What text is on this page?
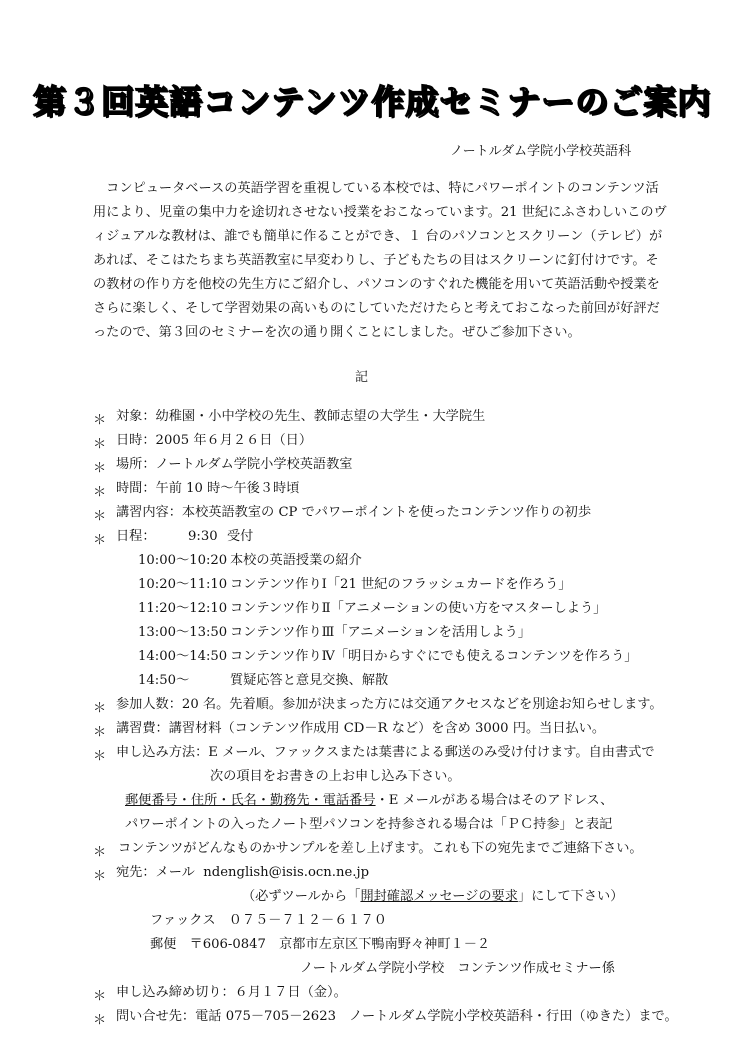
第３回英語コンテンツ作成セミナーのご案内
ノートルダム学院小学校英語科
　コンピュータベースの英語学習を重視している本校では、特にパワーポイントのコンテンツ活
用により、児童の集中力を途切れさせない授業をおこなっています。21 世紀にふさわしいこのヴ
ィジュアルな教材は、誰でも簡単に作ることができ、１ 台のパソコンとスクリーン（テレビ）が
あれば、そこはたちまち英語教室に早変わりし、子どもたちの目はスクリーンに釘付けです。そ
の教材の作り方を他校の先生方にご紹介し、パソコンのすぐれた機能を用いて英語活動や授業を
さらに楽しく、そして学習効果の高いものにしていただけたらと考えておこなった前回が好評だ
ったので、第３回のセミナーを次の通り開くことにしました。ぜひご参加下さい。
記
＊ 対象：幼稚園・小中学校の先生、教師志望の大学生・大学院生
＊ 日時：2005 年６月２６日（日）
＊ 場所：ノートルダム学院小学校英語教室
＊ 時間：午前 10 時～午後３時頃
＊ 講習内容：本校英語教室の CP でパワーポイントを使ったコンテンツ作りの初歩
＊ 日程： 9:30 受付
10:00～10:20 本校の英語授業の紹介
10:20～11:10 コンテンツ作りⅠ「21 世紀のフラッシュカードを作ろう」
11:20～12:10 コンテンツ作りⅡ「アニメーションの使い方をマスターしよう」
13:00～13:50 コンテンツ作りⅢ「アニメーションを活用しよう」
14:00～14:50 コンテンツ作りⅣ「明日からすぐにでも使えるコンテンツを作ろう」
14:50～	質疑応答と意見交換、解散
＊ 参加人数：20 名。先着順。参加が決まった方には交通アクセスなどを別途お知らせします。
＊ 講習費：講習材料（コンテンツ作成用 CD－R など）を含め 3000 円。当日払い。
＊ 申し込み方法：E メール、ファックスまたは葉書による郵送のみ受け付けます。自由書式で
次の項目をお書きの上お申し込み下さい。
郵便番号・住所・氏名・勤務先・電話番号・E メールがある場合はそのアドレス、
パワーポイントの入ったノート型パソコンを持参される場合は「ＰＣ持参」と表記
＊ コンテンツがどんなものかサンプルを差し上げます。これも下の宛先までご連絡下さい。
＊ 宛先：メール ndenglish@isis.ocn.ne.jp
（必ずツールから「開封確認メッセージの要求」にして下さい）
ファックス　０７５－７１２－６１７０
郵便　〒606-0847　京都市左京区下鴨南野々神町１－２
ノートルダム学院小学校　コンテンツ作成セミナー係
＊ 申し込み締め切り：６月１７日（金）。
＊ 問い合せ先：電話 075－705－2623　ノートルダム学院小学校英語科・行田（ゆきた）まで。
